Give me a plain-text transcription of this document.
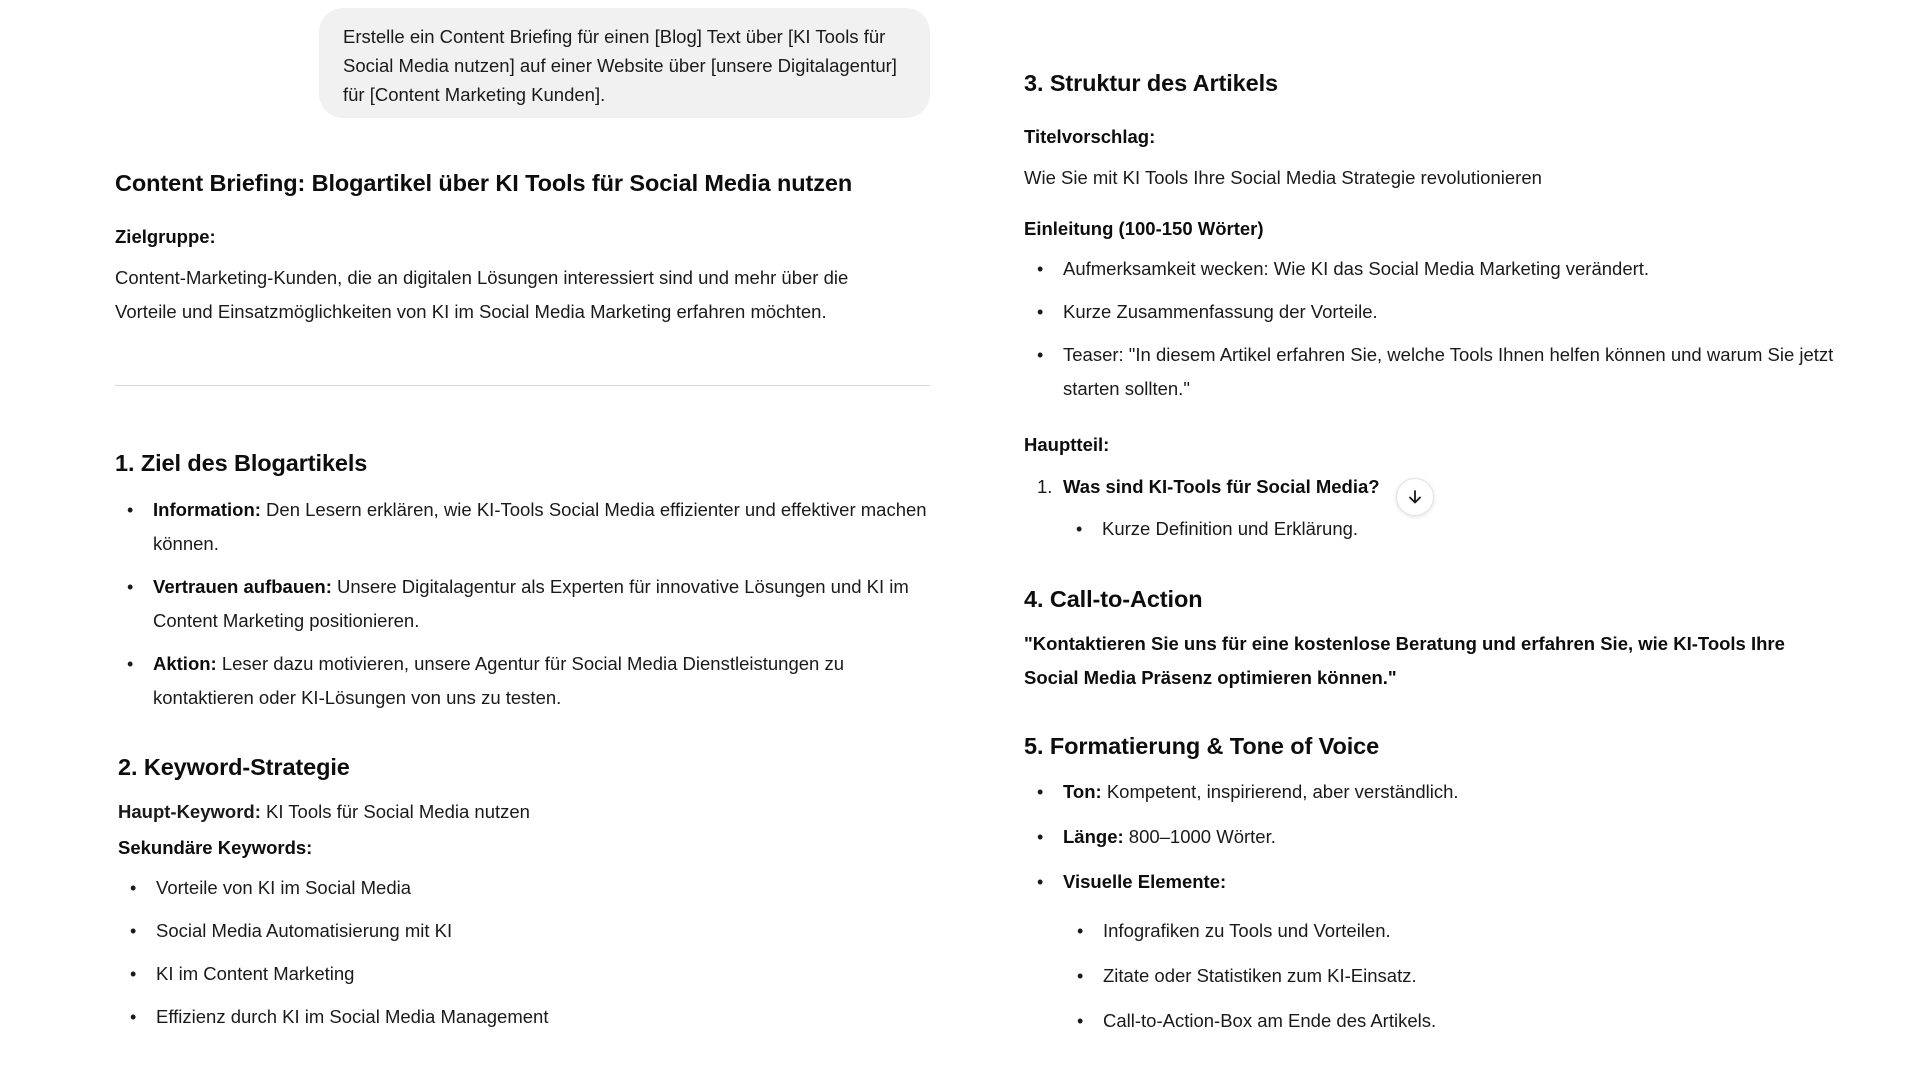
Erstelle ein Content Briefing für einen [Blog] Text über [KI Tools für Social Media nutzen] auf einer Website über [unsere Digitalagentur] für [Content Marketing Kunden].
Content Briefing: Blogartikel über KI Tools für Social Media nutzen
Zielgruppe:
Content-Marketing-Kunden, die an digitalen Lösungen interessiert sind und mehr über die Vorteile und Einsatzmöglichkeiten von KI im Social Media Marketing erfahren möchten.
1. Ziel des Blogartikels
• Information: Den Lesern erklären, wie KI-Tools Social Media effizienter und effektiver machen können.
• Vertrauen aufbauen: Unsere Digitalagentur als Experten für innovative Lösungen und KI im Content Marketing positionieren.
• Aktion: Leser dazu motivieren, unsere Agentur für Social Media Dienstleistungen zu kontaktieren oder KI-Lösungen von uns zu testen.
2. Keyword-Strategie
Haupt-Keyword: KI Tools für Social Media nutzen
Sekundäre Keywords:
• Vorteile von KI im Social Media
• Social Media Automatisierung mit KI
• KI im Content Marketing
• Effizienz durch KI im Social Media Management
3. Struktur des Artikels
Titelvorschlag:
Wie Sie mit KI Tools Ihre Social Media Strategie revolutionieren
Einleitung (100-150 Wörter)
• Aufmerksamkeit wecken: Wie KI das Social Media Marketing verändert.
• Kurze Zusammenfassung der Vorteile.
• Teaser: "In diesem Artikel erfahren Sie, welche Tools Ihnen helfen können und warum Sie jetzt starten sollten."
Hauptteil:
1. Was sind KI-Tools für Social Media?
• Kurze Definition und Erklärung.
4. Call-to-Action
"Kontaktieren Sie uns für eine kostenlose Beratung und erfahren Sie, wie KI-Tools Ihre Social Media Präsenz optimieren können."
5. Formatierung & Tone of Voice
• Ton: Kompetent, inspirierend, aber verständlich.
• Länge: 800–1000 Wörter.
• Visuelle Elemente:
• Infografiken zu Tools und Vorteilen.
• Zitate oder Statistiken zum KI-Einsatz.
• Call-to-Action-Box am Ende des Artikels.
